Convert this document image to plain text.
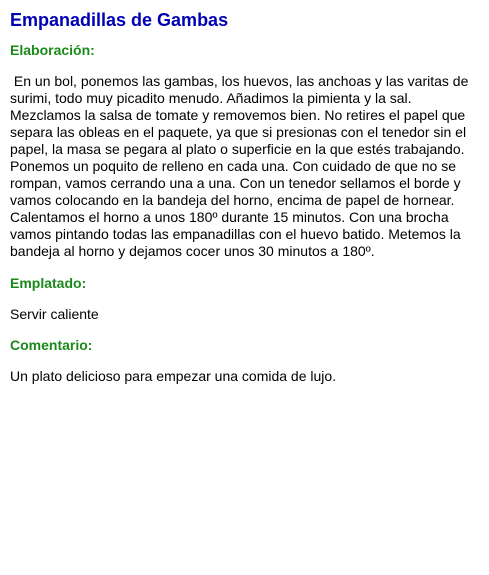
Empanadillas de Gambas
Elaboración:

En un bol, ponemos las gambas, los huevos, las anchoas y las varitas de surimi, todo muy picadito menudo. Añadimos la pimienta y la sal. Mezclamos la salsa de tomate y removemos bien. No retires el papel que separa las obleas en el paquete, ya que si presionas con el tenedor sin el papel, la masa se pegara al plato o superficie en la que estés trabajando.  Ponemos un poquito de relleno en cada una. Con cuidado de que no se rompan, vamos cerrando una a una. Con un tenedor sellamos el borde y vamos colocando en la bandeja del horno, encima de papel de hornear. Calentamos el horno a unos 180º durante 15 minutos. Con una brocha vamos pintando todas las empanadillas con el huevo batido. Metemos la bandeja al horno y dejamos cocer unos 30 minutos a 180º.

Emplatado:

Servir caliente

Comentario:

Un plato delicioso para empezar una comida de lujo.
